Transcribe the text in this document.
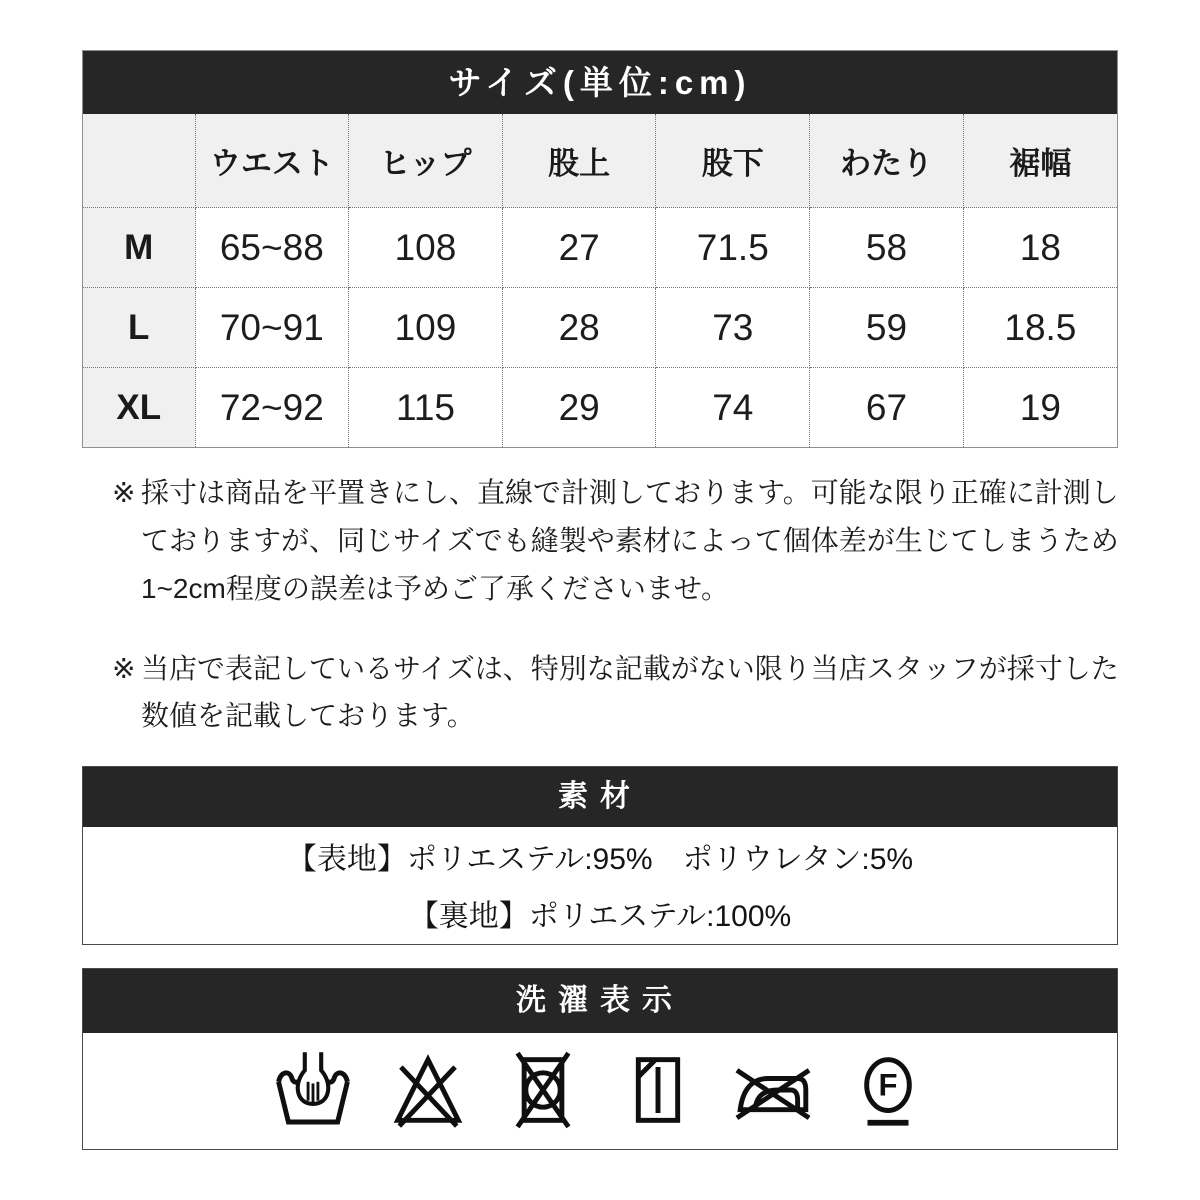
サイズ(単位:cm)
	ウエスト	ヒップ	股上	股下	わたり	裾幅
M	65~88	108	27	71.5	58	18
L	70~91	109	28	73	59	18.5
XL	72~92	115	29	74	67	19
※ 採寸は商品を平置きにし、直線で計測しております。可能な限り正確に計測し
ておりますが、同じサイズでも縫製や素材によって個体差が生じてしまうため
1~2cm程度の誤差は予めご了承くださいませ。
※ 当店で表記しているサイズは、特別な記載がない限り当店スタッフが採寸した
数値を記載しております。
素材
【表地】ポリエステル:95%　ポリウレタン:5%
【裏地】ポリエステル:100%
洗濯表示
F
